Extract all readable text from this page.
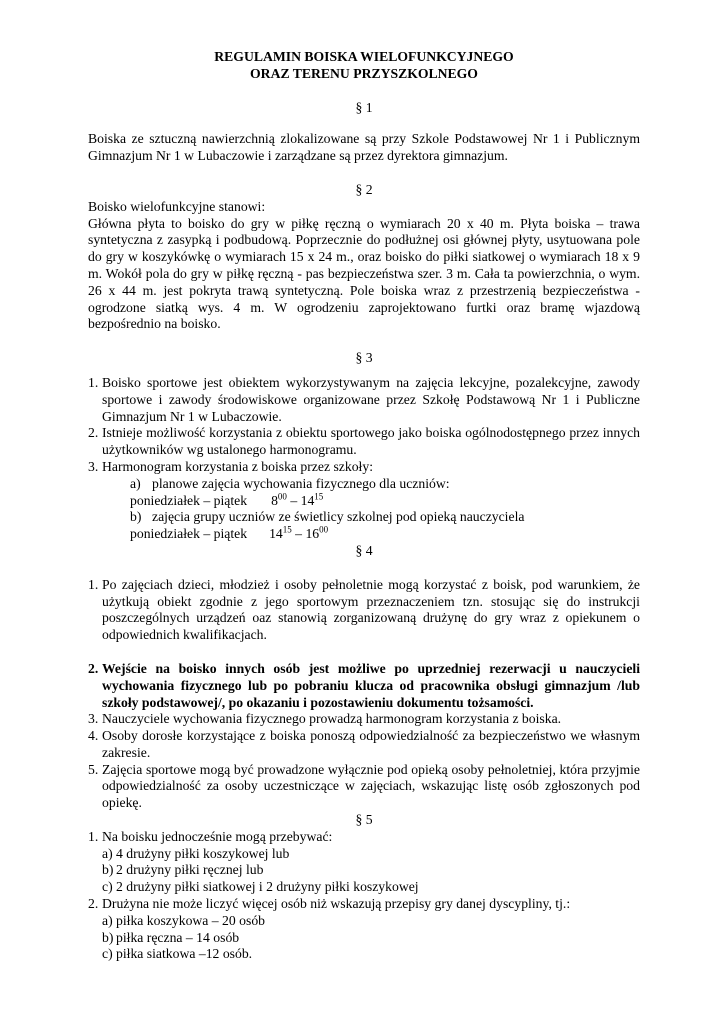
REGULAMIN BOISKA WIELOFUNKCYJNEGO
ORAZ TERENU PRZYSZKOLNEGO
§ 1

Boiska ze sztuczną nawierzchnią zlokalizowane są przy Szkole Podstawowej Nr 1 i Publicznym Gimnazjum Nr 1 w Lubaczowie i zarządzane są przez dyrektora gimnazjum.

§ 2

Boisko wielofunkcyjne stanowi:

Główna płyta to boisko do gry w piłkę ręczną o wymiarach 20 x 40 m. Płyta boiska – trawa syntetyczna z zasypką i podbudową. Poprzecznie do podłużnej osi głównej płyty, usytuowana pole do gry w koszykówkę o wymiarach 15 x 24 m., oraz boisko do piłki siatkowej o wymiarach 18 x 9 m. Wokół pola do gry w piłkę ręczną - pas bezpieczeństwa szer. 3 m. Cała ta powierzchnia, o wym. 26 x 44 m. jest pokryta trawą syntetyczną. Pole boiska wraz z przestrzenią bezpieczeństwa - ogrodzone siatką wys. 4 m. W ogrodzeniu zaprojektowano furtki oraz bramę wjazdową bezpośrednio na boisko.

§ 3
1. Boisko sportowe jest obiektem wykorzystywanym na zajęcia lekcyjne, pozalekcyjne, zawody sportowe i zawody środowiskowe organizowane przez Szkołę Podstawową Nr 1 i Publiczne Gimnazjum Nr 1 w Lubaczowie.
2. Istnieje możliwość korzystania z obiektu sportowego jako boiska ogólnodostępnego przez innych użytkowników wg ustalonego harmonogramu.
3. Harmonogram korzystania z boiska przez szkoły:
a) planowe zajęcia wychowania fizycznego dla uczniów:
poniedziałek – piątek $8^{00} - 14^{15}$
b) zajęcia grupy uczniów ze świetlicy szkolnej pod opieką nauczyciela
poniedziałek – piątek $14^{15} - 16^{00}$
§ 4
1. Po zajęciach dzieci, młodzież i osoby pełnoletnie mogą korzystać z boisk, pod warunkiem, że użytkują obiekt zgodnie z jego sportowym przeznaczeniem tzn. stosując się do instrukcji poszczególnych urządzeń oaz stanowią zorganizowaną drużynę do gry wraz z opiekunem o odpowiednich kwalifikacjach.
2. Wejście na boisko innych osób jest możliwe po uprzedniej rezerwacji u nauczycieli wychowania fizycznego lub po pobraniu klucza od pracownika obsługi gimnazjum /lub szkoły podstawowej/, po okazaniu i pozostawieniu dokumentu tożsamości.
3. Nauczyciele wychowania fizycznego prowadzą harmonogram korzystania z boiska.
4. Osoby dorosłe korzystające z boiska ponoszą odpowiedzialność za bezpieczeństwo we własnym zakresie.
5. Zajęcia sportowe mogą być prowadzone wyłącznie pod opieką osoby pełnoletniej, która przyjmie odpowiedzialność za osoby uczestniczące w zajęciach, wskazując listę osób zgłoszonych pod opiekę.
§ 5
1. Na boisku jednocześnie mogą przebywać:
a) 4 drużyny piłki koszykowej lub
b) 2 drużyny piłki ręcznej lub
c) 2 drużyny piłki siatkowej i 2 drużyny piłki koszykowej
2. Drużyna nie może liczyć więcej osób niż wskazują przepisy gry danej dyscypliny, tj.:
a) piłka koszykowa – 20 osób
b) piłka ręczna – 14 osób
c) piłka siatkowa –12 osób.
